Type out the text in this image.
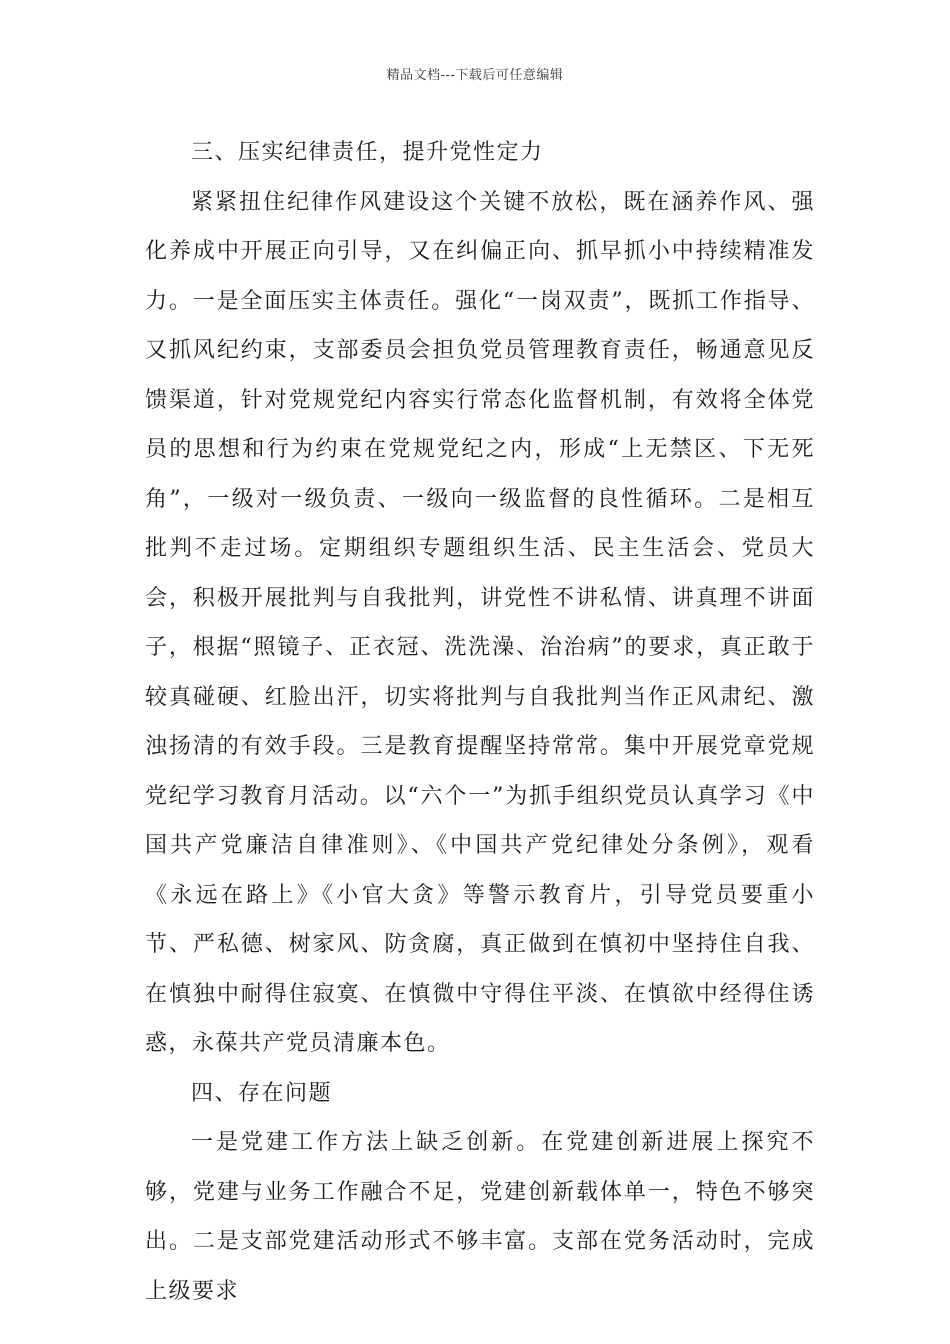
精品文档---下载后可任意编辑

三、压实纪律责任，提升党性定力

紧紧扭住纪律作风建设这个关键不放松，既在涵养作风、强化养成中开展正向引导，又在纠偏正向、抓早抓小中持续精准发力。一是全面压实主体责任。强化“一岗双责”，既抓工作指导、又抓风纪约束，支部委员会担负党员管理教育责任，畅通意见反馈渠道，针对党规党纪内容实行常态化监督机制，有效将全体党员的思想和行为约束在党规党纪之内，形成“上无禁区、下无死角”，一级对一级负责、一级向一级监督的良性循环。二是相互批判不走过场。定期组织专题组织生活、民主生活会、党员大会，积极开展批判与自我批判，讲党性不讲私情、讲真理不讲面子，根据“照镜子、正衣冠、洗洗澡、治治病”的要求，真正敢于较真碰硬、红脸出汗，切实将批判与自我批判当作正风肃纪、激浊扬清的有效手段。三是教育提醒坚持常常。集中开展党章党规党纪学习教育月活动。以“六个一”为抓手组织党员认真学习《中国共产党廉洁自律准则》、《中国共产党纪律处分条例》，观看《永远在路上》《小官大贪》等警示教育片，引导党员要重小节、严私德、树家风、防贪腐，真正做到在慎初中坚持住自我、在慎独中耐得住寂寞、在慎微中守得住平淡、在慎欲中经得住诱惑，永葆共产党员清廉本色。

四、存在问题

一是党建工作方法上缺乏创新。在党建创新进展上探究不够，党建与业务工作融合不足，党建创新载体单一，特色不够突出。二是支部党建活动形式不够丰富。支部在党务活动时，完成上级要求
